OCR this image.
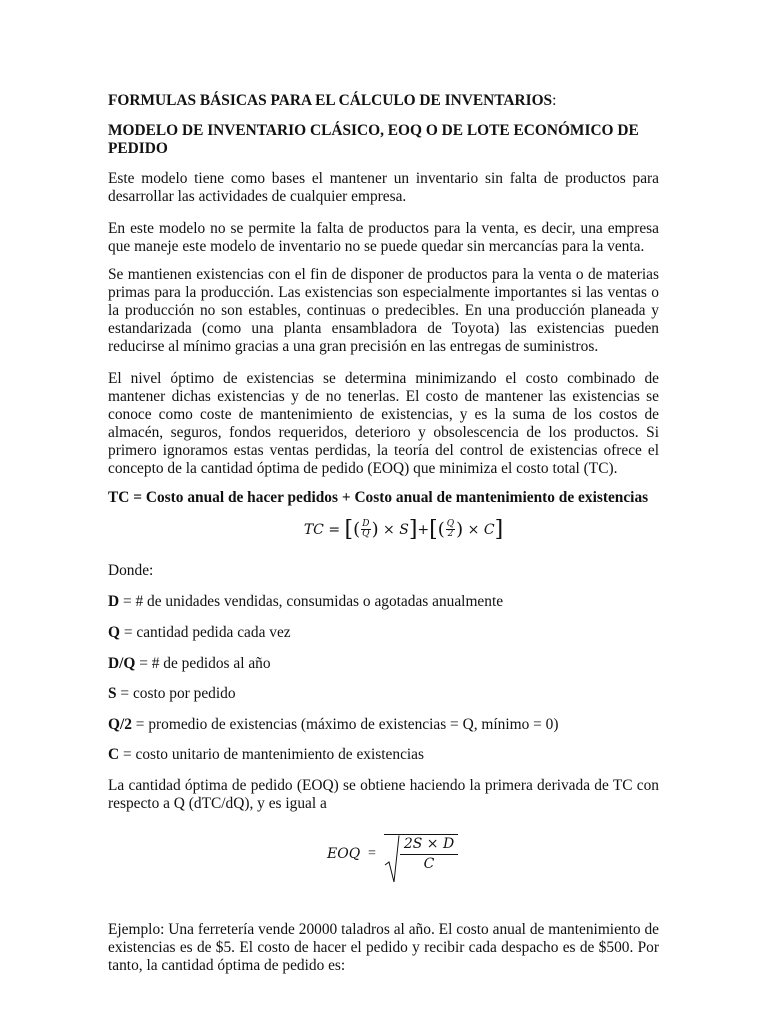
FORMULAS BÁSICAS PARA EL CÁLCULO DE INVENTARIOS:

MODELO DE INVENTARIO CLÁSICO, EOQ O DE LOTE ECONÓMICO DE
PEDIDO

Este modelo tiene como bases el mantener un inventario sin falta de productos para desarrollar las actividades de cualquier empresa.

En este modelo no se permite la falta de productos para la venta, es decir, una empresa que maneje este modelo de inventario no se puede quedar sin mercancías para la venta.

Se mantienen existencias con el fin de disponer de productos para la venta o de materias primas para la producción. Las existencias son especialmente importantes si las ventas o la producción no son estables, continuas o predecibles. En una producción planeada y estandarizada (como una planta ensambladora de Toyota) las existencias pueden reducirse al mínimo gracias a una gran precisión en las entregas de suministros.

El nivel óptimo de existencias se determina minimizando el costo combinado de mantener dichas existencias y de no tenerlas. El costo de mantener las existencias se conoce como coste de mantenimiento de existencias, y es la suma de los costos de almacén, seguros, fondos requeridos, deterioro y obsolescencia de los productos. Si primero ignoramos estas ventas perdidas, la teoría del control de existencias ofrece el concepto de la cantidad óptima de pedido (EOQ) que minimiza el costo total (TC).

TC = Costo anual de hacer pedidos + Costo anual de mantenimiento de existencias

TC = [( $\frac{D}{Q}$ ) × $S]+[( \frac{Q}{2}$ ) × C]

Donde:

D = # de unidades vendidas, consumidas o agotadas anualmente

Q = cantidad pedida cada vez

D/Q = # de pedidos al año

S = costo por pedido

Q/2 = promedio de existencias (máximo de existencias = Q, mínimo = 0)

C = costo unitario de mantenimiento de existencias

La cantidad óptima de pedido (EOQ) se obtiene haciendo la primera derivada de TC con respecto a Q (dTC/dQ), y es igual a

EOQ = $\frac{2S \times D}{C}$

Ejemplo: Una ferretería vende 20000 taladros al año. El costo anual de mantenimiento de existencias es de $5. El costo de hacer el pedido y recibir cada despacho es de $500. Por tanto, la cantidad óptima de pedido es:
